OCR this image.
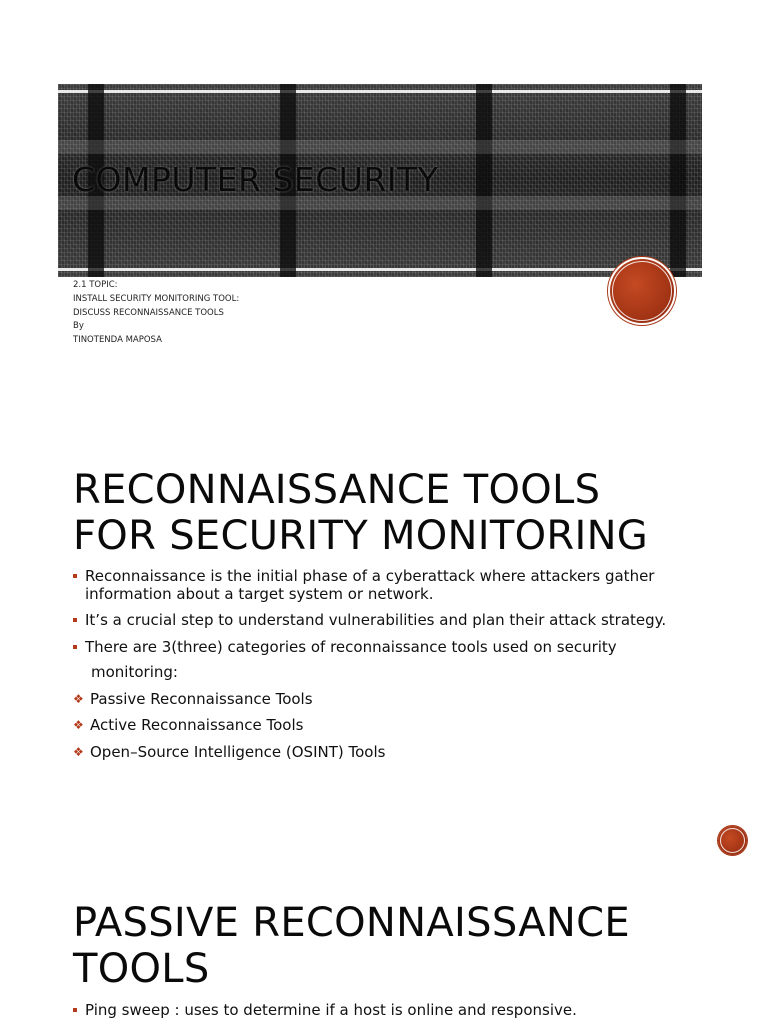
COMPUTER SECURITY
2.1 TOPIC:
INSTALL SECURITY MONITORING TOOL:
DISCUSS RECONNAISSANCE TOOLS
By
TINOTENDA MAPOSA
RECONNAISSANCE TOOLS
FOR SECURITY MONITORING
Reconnaissance is the initial phase of a cyberattack where attackers gather information about a target system or network.
It’s a crucial step to understand vulnerabilities and plan their attack strategy.
There are 3(three) categories of reconnaissance tools used on security
monitoring:
❖ Passive Reconnaissance Tools
❖ Active Reconnaissance Tools
❖ Open–Source Intelligence (OSINT) Tools
PASSIVE RECONNAISSANCE
TOOLS
Ping sweep : uses to determine if a host is online and responsive.
